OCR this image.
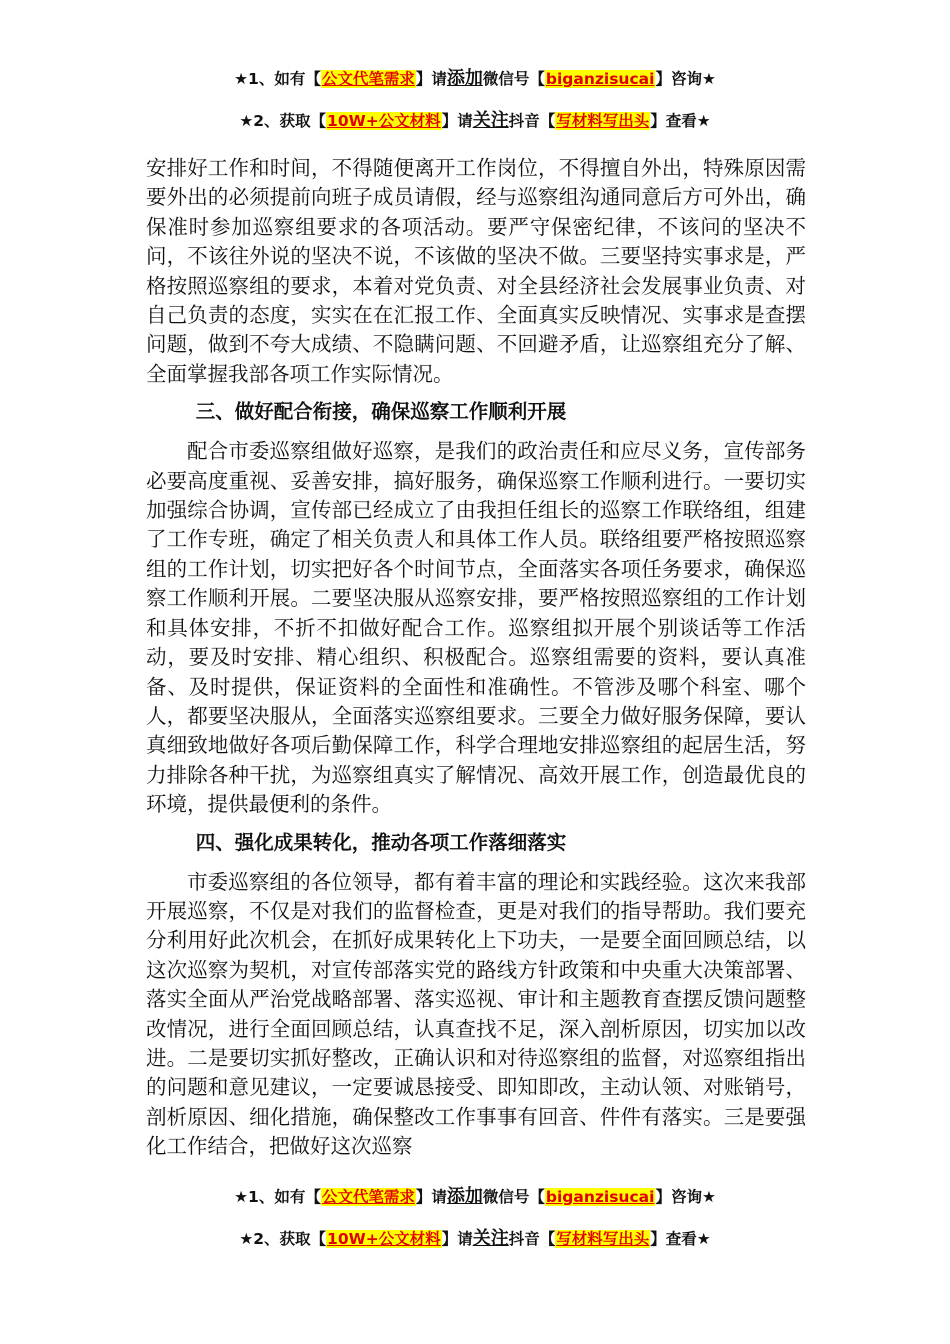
★1、如有【公文代笔需求】请添加微信号【biganzisucai】咨询★
★2、获取【10W+公文材料】请关注抖音【写材料写出头】查看★

安排好工作和时间，不得随便离开工作岗位，不得擅自外出，特殊原因需要外出的必须提前向班子成员请假，经与巡察组沟通同意后方可外出，确保准时参加巡察组要求的各项活动。要严守保密纪律，不该问的坚决不问，不该往外说的坚决不说，不该做的坚决不做。三要坚持实事求是，严格按照巡察组的要求，本着对党负责、对全县经济社会发展事业负责、对自己负责的态度，实实在在汇报工作、全面真实反映情况、实事求是查摆问题，做到不夸大成绩、不隐瞒问题、不回避矛盾，让巡察组充分了解、全面掌握我部各项工作实际情况。

三、做好配合衔接，确保巡察工作顺利开展

配合市委巡察组做好巡察，是我们的政治责任和应尽义务，宣传部务必要高度重视、妥善安排，搞好服务，确保巡察工作顺利进行。一要切实加强综合协调，宣传部已经成立了由我担任组长的巡察工作联络组，组建了工作专班，确定了相关负责人和具体工作人员。联络组要严格按照巡察组的工作计划，切实把好各个时间节点，全面落实各项任务要求，确保巡察工作顺利开展。二要坚决服从巡察安排，要严格按照巡察组的工作计划和具体安排，不折不扣做好配合工作。巡察组拟开展个别谈话等工作活动，要及时安排、精心组织、积极配合。巡察组需要的资料，要认真准备、及时提供，保证资料的全面性和准确性。不管涉及哪个科室、哪个人，都要坚决服从，全面落实巡察组要求。三要全力做好服务保障，要认真细致地做好各项后勤保障工作，科学合理地安排巡察组的起居生活，努力排除各种干扰，为巡察组真实了解情况、高效开展工作，创造最优良的环境，提供最便利的条件。

四、强化成果转化，推动各项工作落细落实

市委巡察组的各位领导，都有着丰富的理论和实践经验。这次来我部开展巡察，不仅是对我们的监督检查，更是对我们的指导帮助。我们要充分利用好此次机会，在抓好成果转化上下功夫，一是要全面回顾总结，以这次巡察为契机，对宣传部落实党的路线方针政策和中央重大决策部署、落实全面从严治党战略部署、落实巡视、审计和主题教育查摆反馈问题整改情况，进行全面回顾总结，认真查找不足，深入剖析原因，切实加以改进。二是要切实抓好整改，正确认识和对待巡察组的监督，对巡察组指出的问题和意见建议，一定要诚恳接受、即知即改，主动认领、对账销号，剖析原因、细化措施，确保整改工作事事有回音、件件有落实。三是要强化工作结合，把做好这次巡察

★1、如有【公文代笔需求】请添加微信号【biganzisucai】咨询★
★2、获取【10W+公文材料】请关注抖音【写材料写出头】查看★
